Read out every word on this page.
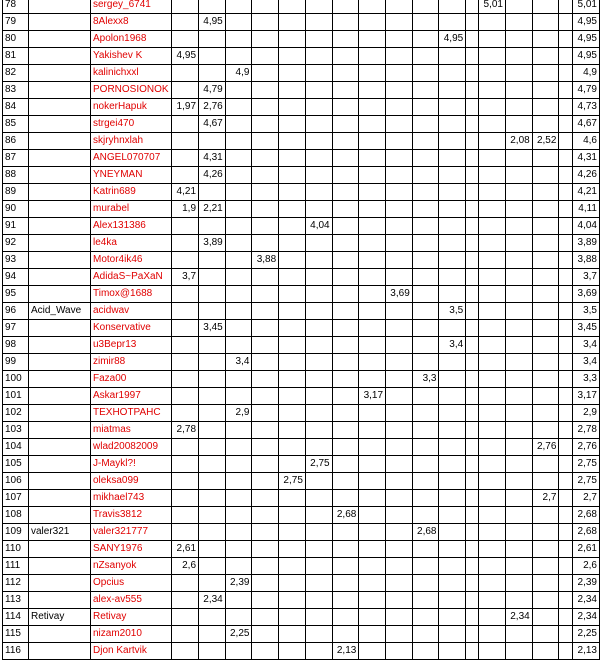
78		sergey_6741													5,01				5,01
79		8Alexx8		4,95															4,95
80		Apolon1968											4,95						4,95
81		Yakishev K	4,95																4,95
82		kalinichxxl			4,9														4,9
83		PORNOSIONOK		4,79															4,79
84		nokerHapuk	1,97	2,76															4,73
85		strgei470		4,67															4,67
86		skjryhnxlah														2,08	2,52		4,6
87		ANGEL070707		4,31															4,31
88		YNEYMAN		4,26															4,26
89		Katrin689	4,21																4,21
90		murabel	1,9	2,21															4,11
91		Alex131386						4,04											4,04
92		le4ka		3,89															3,89
93		Motor4ik46				3,88													3,88
94		AdidaS~PaXaN	3,7																3,7
95		Timox@1688									3,69								3,69
96	Acid_Wave	acidwav											3,5						3,5
97		Konservative		3,45															3,45
98		u3Bepr13											3,4						3,4
99		zimir88			3,4														3,4
100		Faza00										3,3							3,3
101		Askar1997								3,17									3,17
102		TEXHOTPAHC			2,9														2,9
103		miatmas	2,78																2,78
104		wlad20082009															2,76		2,76
105		J-Maykl?!						2,75											2,75
106		oleksa099					2,75												2,75
107		mikhael743															2,7		2,7
108		Travis3812							2,68										2,68
109	valer321	valer321777										2,68							2,68
110		SANY1976	2,61																2,61
111		nZsanyok	2,6																2,6
112		Opcius			2,39														2,39
113		alex-av555		2,34															2,34
114	Retivay	Retivay														2,34			2,34
115		nizam2010			2,25														2,25
116		Djon Kartvik							2,13										2,13
